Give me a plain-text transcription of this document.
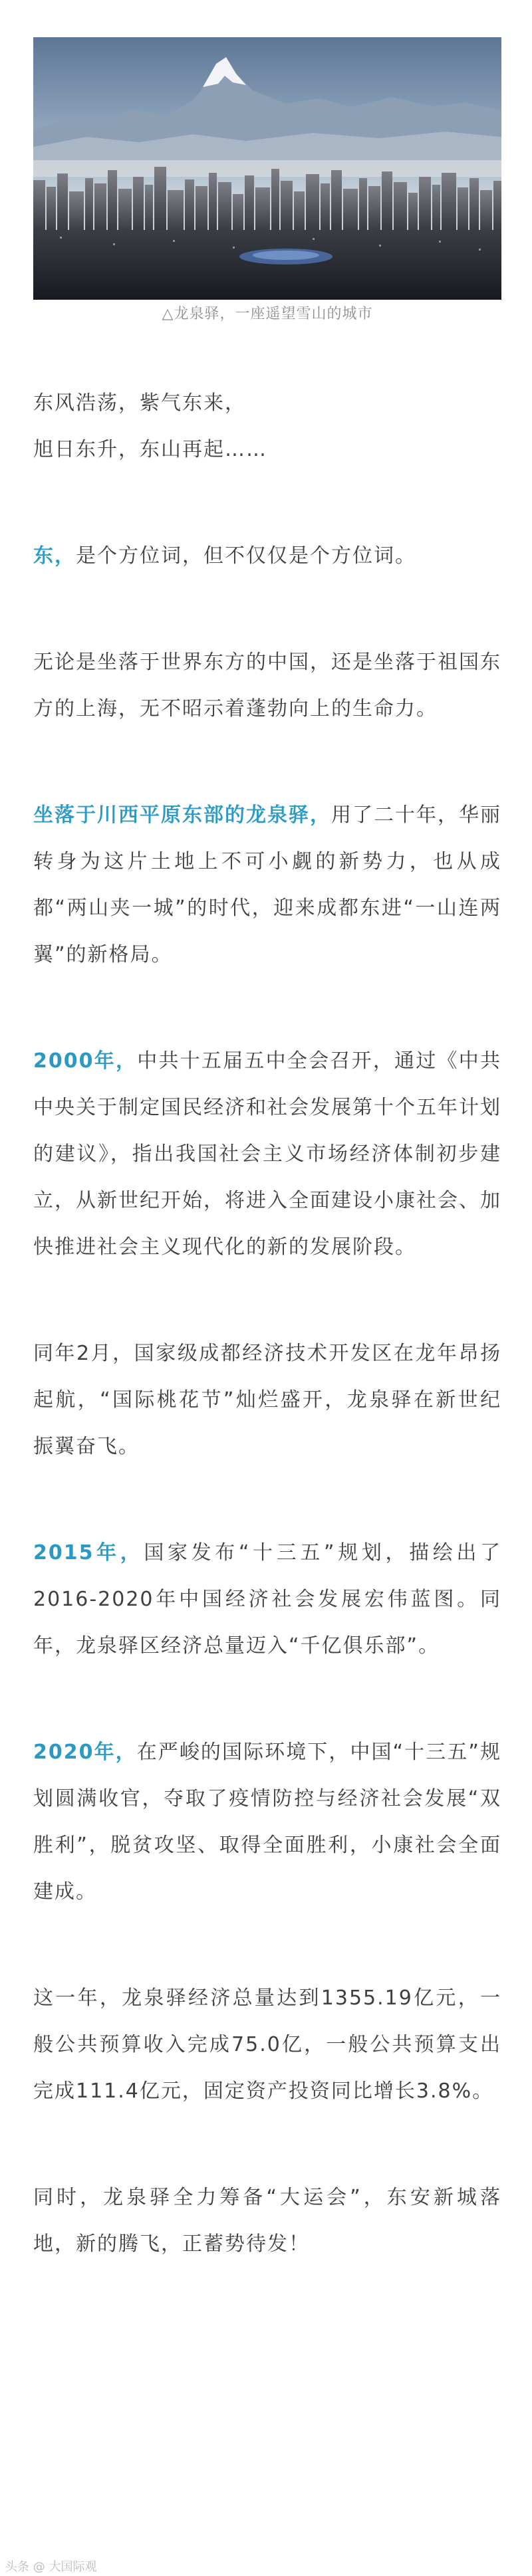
△龙泉驿，一座遥望雪山的城市

东风浩荡，紫气东来，

旭日东升，东山再起……

东，是个方位词，但不仅仅是个方位词。

无论是坐落于世界东方的中国，还是坐落于祖国东方的上海，无不昭示着蓬勃向上的生命力。

坐落于川西平原东部的龙泉驿，用了二十年，华丽转身为这片土地上不可小觑的新势力，也从成都“两山夹一城”的时代，迎来成都东进“一山连两翼”的新格局。

2000年，中共十五届五中全会召开，通过《中共中央关于制定国民经济和社会发展第十个五年计划的建议》，指出我国社会主义市场经济体制初步建立，从新世纪开始，将进入全面建设小康社会、加快推进社会主义现代化的新的发展阶段。

同年2月，国家级成都经济技术开发区在龙年昂扬起航，“国际桃花节”灿烂盛开，龙泉驿在新世纪振翼奋飞。

2015年，国家发布“十三五”规划，描绘出了2016-2020年中国经济社会发展宏伟蓝图。同年，龙泉驿区经济总量迈入“千亿俱乐部”。

2020年，在严峻的国际环境下，中国“十三五”规划圆满收官，夺取了疫情防控与经济社会发展“双胜利”，脱贫攻坚、取得全面胜利，小康社会全面建成。

这一年，龙泉驿经济总量达到1355.19亿元，一般公共预算收入完成75.0亿，一般公共预算支出完成111.4亿元，固定资产投资同比增长3.8%。

同时，龙泉驿全力筹备“大运会”，东安新城落地，新的腾飞，正蓄势待发！

头条 @ 大国际观
